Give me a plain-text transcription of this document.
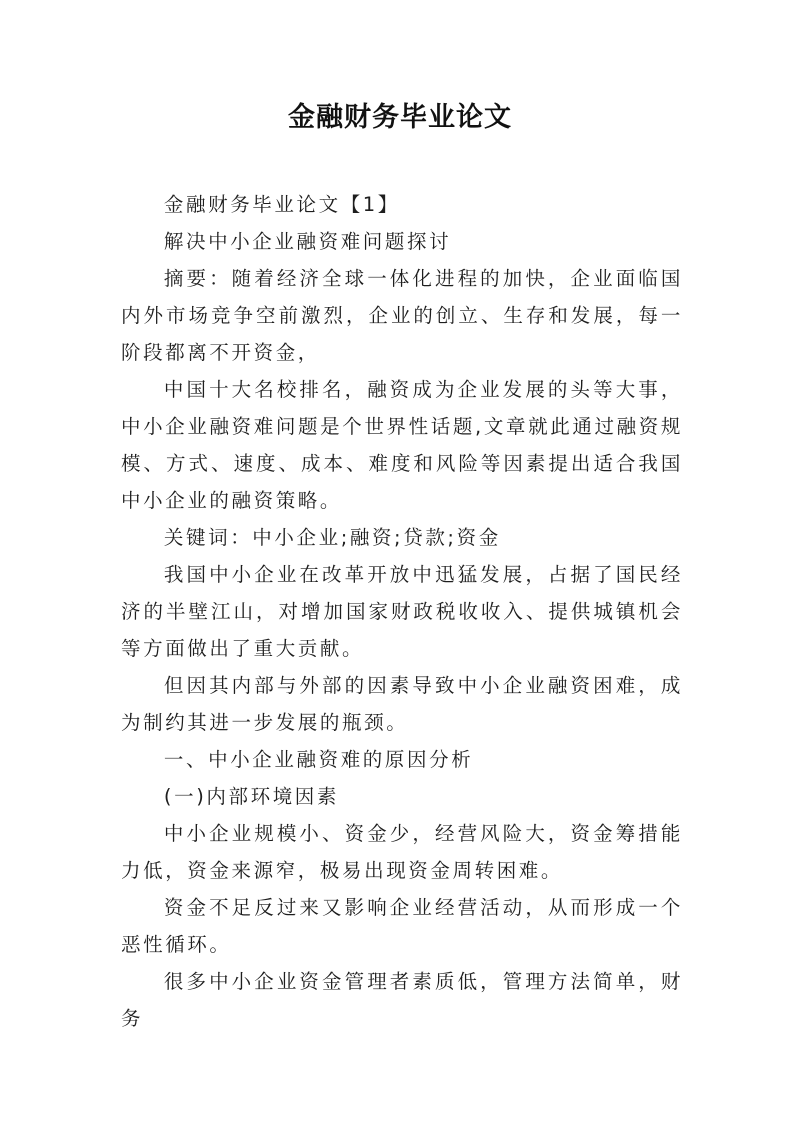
金融财务毕业论文

金融财务毕业论文【1】

解决中小企业融资难问题探讨

摘要：随着经济全球一体化进程的加快，企业面临国内外市场竞争空前激烈，企业的创立、生存和发展，每一阶段都离不开资金，

中国十大名校排名，融资成为企业发展的头等大事，中小企业融资难问题是个世界性话题,文章就此通过融资规模、方式、速度、成本、难度和风险等因素提出适合我国中小企业的融资策略。

关键词：中小企业;融资;贷款;资金

我国中小企业在改革开放中迅猛发展，占据了国民经济的半壁江山，对增加国家财政税收收入、提供城镇机会等方面做出了重大贡献。

但因其内部与外部的因素导致中小企业融资困难，成为制约其进一步发展的瓶颈。

一、中小企业融资难的原因分析

(一)内部环境因素

中小企业规模小、资金少，经营风险大，资金筹措能力低，资金来源窄，极易出现资金周转困难。

资金不足反过来又影响企业经营活动，从而形成一个恶性循环。

很多中小企业资金管理者素质低，管理方法简单，财务
